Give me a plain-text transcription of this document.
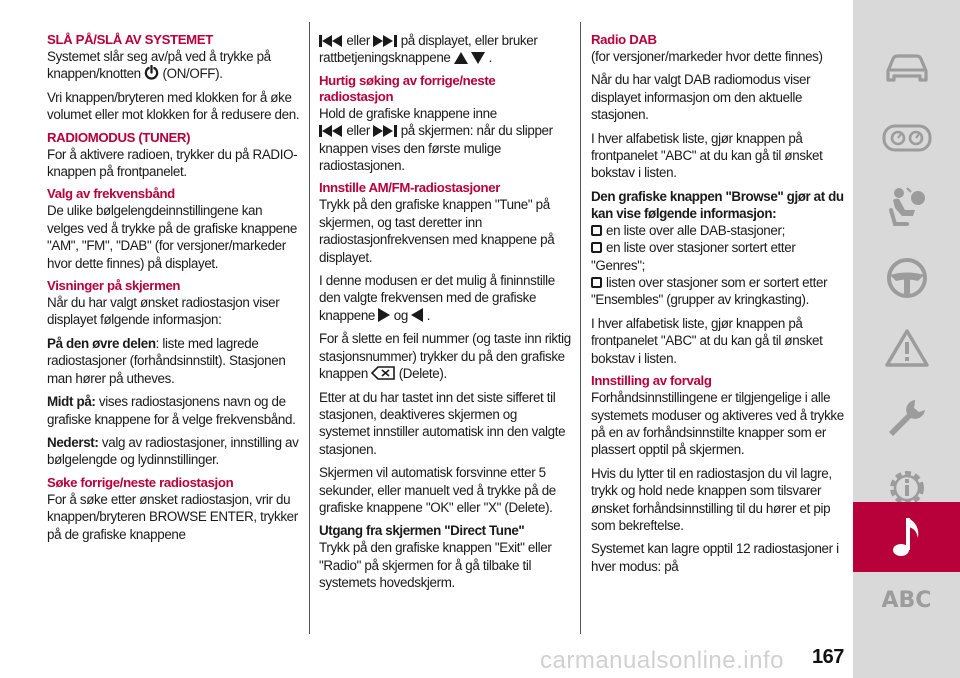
SLÅ PÅ/SLÅ AV SYSTEMET

Systemet slår seg av/på ved å trykke på knappen/knotten (ON/OFF).

Vri knappen/bryteren med klokken for å øke volumet eller mot klokken for å redusere den.

RADIOMODUS (TUNER)

For å aktivere radioen, trykker du på RADIO-knappen på frontpanelet.

Valg av frekvensbånd

De ulike bølgelengdeinnstillingene kan velges ved å trykke på de grafiske knappene "AM", "FM", "DAB" (for versjoner/markeder hvor dette finnes) på displayet.

Visninger på skjermen

Når du har valgt ønsket radiostasjon viser displayet følgende informasjon:

På den øvre delen: liste med lagrede radiostasjoner (forhåndsinnstilt). Stasjonen man hører på utheves.

Midt på: vises radiostasjonens navn og de grafiske knappene for å velge frekvensbånd.

Nederst: valg av radiostasjoner, innstilling av bølgelengde og lydinnstillinger.

Søke forrige/neste radiostasjon

For å søke etter ønsket radiostasjon, vrir du knappen/bryteren BROWSE ENTER, trykker på de grafiske knappene

eller på displayet, eller bruker rattbetjeningsknappene	.

Hurtig søking av forrige/neste radiostasjon

Hold de grafiske knappene inne
eller på skjermen: når du slipper knappen vises den første mulige radiostasjonen.

Innstille AM/FM-radiostasjoner

Trykk på den grafiske knappen "Tune" på skjermen, og tast deretter inn radiostasjonfrekvensen med knappene på displayet.

I denne modusen er det mulig å fininnstille den valgte frekvensen med de grafiske knappene og .

For å slette en feil nummer (og taste inn riktig stasjonsnummer) trykker du på den grafiske knappen (Delete).

Etter at du har tastet inn det siste sifferet til stasjonen, deaktiveres skjermen og systemet innstiller automatisk inn den valgte stasjonen.

Skjermen vil automatisk forsvinne etter 5 sekunder, eller manuelt ved å trykke på de grafiske knappene "OK" eller "X" (Delete).

Utgang fra skjermen "Direct Tune"

Trykk på den grafiske knappen "Exit" eller "Radio" på skjermen for å gå tilbake til systemets hovedskjerm.

Radio DAB

(for versjoner/markeder hvor dette finnes)

Når du har valgt DAB radiomodus viser displayet informasjon om den aktuelle stasjonen.

I hver alfabetisk liste, gjør knappen på frontpanelet "ABC" at du kan gå til ønsket bokstav i listen.

Den grafiske knappen "Browse" gjør at du kan vise følgende informasjon:

en liste over alle DAB-stasjoner;

en liste over stasjoner sortert etter "Genres";

listen over stasjoner som er sortert etter "Ensembles" (grupper av kringkasting).

I hver alfabetisk liste, gjør knappen på frontpanelet "ABC" at du kan gå til ønsket bokstav i listen.

Innstilling av forvalg

Forhåndsinnstillingene er tilgjengelige i alle systemets moduser og aktiveres ved å trykke på en av forhåndsinnstilte knapper som er plassert opptil på skjermen.

Hvis du lytter til en radiostasjon du vil lagre, trykk og hold nede knappen som tilsvarer ønsket forhåndsinnstilling til du hører et pip som bekreftelse.

Systemet kan lagre opptil 12 radiostasjoner i hver modus: på

ABC
carmanualsonline.info 167
